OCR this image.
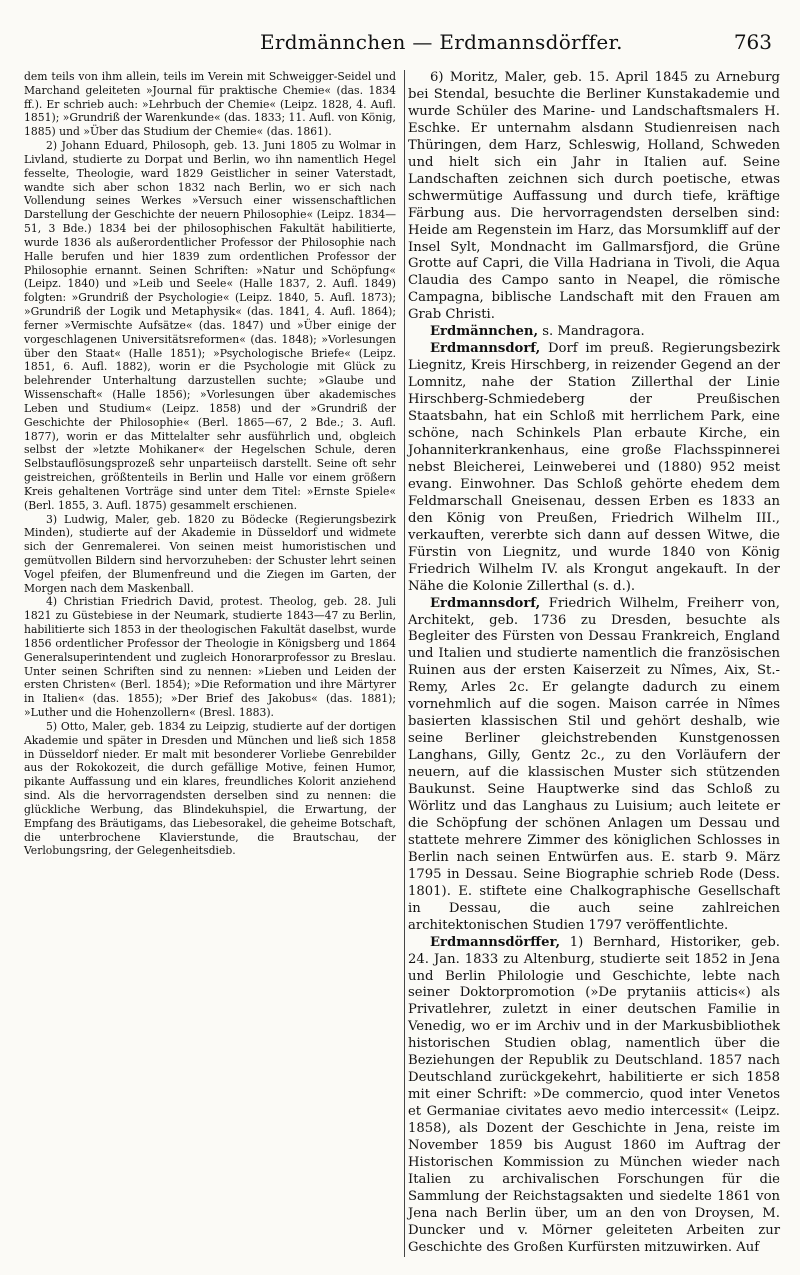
Erdmännchen — Erdmannsdörffer.	763

dem teils von ihm allein, teils im Verein mit Schweigger-Seidel und Marchand geleiteten »Journal für praktische Chemie« (das. 1834 ff.). Er schrieb auch: »Lehrbuch der Chemie« (Leipz. 1828, 4. Aufl. 1851); »Grundriß der Warenkunde« (das. 1833; 11. Aufl. von König, 1885) und »Über das Studium der Chemie« (das. 1861).

2) Johann Eduard, Philosoph, geb. 13. Juni 1805 zu Wolmar in Livland, studierte zu Dorpat und Berlin, wo ihn namentlich Hegel fesselte, Theologie, ward 1829 Geistlicher in seiner Vaterstadt, wandte sich aber schon 1832 nach Berlin, wo er sich nach Vollendung seines Werkes »Versuch einer wissenschaftlichen Darstellung der Geschichte der neuern Philosophie« (Leipz. 1834—51, 3 Bde.) 1834 bei der philosophischen Fakultät habilitierte, wurde 1836 als außerordentlicher Professor der Philosophie nach Halle berufen und hier 1839 zum ordentlichen Professor der Philosophie ernannt. Seinen Schriften: »Natur und Schöpfung« (Leipz. 1840) und »Leib und Seele« (Halle 1837, 2. Aufl. 1849) folgten: »Grundriß der Psychologie« (Leipz. 1840, 5. Aufl. 1873); »Grundriß der Logik und Metaphysik« (das. 1841, 4. Aufl. 1864); ferner »Vermischte Aufsätze« (das. 1847) und »Über einige der vorgeschlagenen Universitätsreformen« (das. 1848); »Vorlesungen über den Staat« (Halle 1851); »Psychologische Briefe« (Leipz. 1851, 6. Aufl. 1882), worin er die Psychologie mit Glück zu belehrender Unterhaltung darzustellen suchte; »Glaube und Wissenschaft« (Halle 1856); »Vorlesungen über akademisches Leben und Studium« (Leipz. 1858) und der »Grundriß der Geschichte der Philosophie« (Berl. 1865—67, 2 Bde.; 3. Aufl. 1877), worin er das Mittelalter sehr ausführlich und, obgleich selbst der »letzte Mohikaner« der Hegelschen Schule, deren Selbstauflösungsprozeß sehr unparteiisch darstellt. Seine oft sehr geistreichen, größtenteils in Berlin und Halle vor einem größern Kreis gehaltenen Vorträge sind unter dem Titel: »Ernste Spiele« (Berl. 1855, 3. Aufl. 1875) gesammelt erschienen.

3) Ludwig, Maler, geb. 1820 zu Bödecke (Regierungsbezirk Minden), studierte auf der Akademie in Düsseldorf und widmete sich der Genremalerei. Von seinen meist humoristischen und gemütvollen Bildern sind hervorzuheben: der Schuster lehrt seinen Vogel pfeifen, der Blumenfreund und die Ziegen im Garten, der Morgen nach dem Maskenball.

4) Christian Friedrich David, protest. Theolog, geb. 28. Juli 1821 zu Güstebiese in der Neumark, studierte 1843—47 zu Berlin, habilitierte sich 1853 in der theologischen Fakultät daselbst, wurde 1856 ordentlicher Professor der Theologie in Königsberg und 1864 Generalsuperintendent und zugleich Honorarprofessor zu Breslau. Unter seinen Schriften sind zu nennen: »Lieben und Leiden der ersten Christen« (Berl. 1854); »Die Reformation und ihre Märtyrer in Italien« (das. 1855); »Der Brief des Jakobus« (das. 1881); »Luther und die Hohenzollern« (Bresl. 1883).

5) Otto, Maler, geb. 1834 zu Leipzig, studierte auf der dortigen Akademie und später in Dresden und München und ließ sich 1858 in Düsseldorf nieder. Er malt mit besonderer Vorliebe Genrebilder aus der Rokokozeit, die durch gefällige Motive, feinen Humor, pikante Auffassung und ein klares, freundliches Kolorit anziehend sind. Als die hervorragendsten derselben sind zu nennen: die glückliche Werbung, das Blindekuhspiel, die Erwartung, der Empfang des Bräutigams, das Liebesorakel, die geheime Botschaft, die unterbrochene Klavierstunde, die Brautschau, der Verlobungsring, der Gelegenheitsdieb.

6) Moritz, Maler, geb. 15. April 1845 zu Arneburg bei Stendal, besuchte die Berliner Kunstakademie und wurde Schüler des Marine- und Landschaftsmalers H. Eschke. Er unternahm alsdann Studienreisen nach Thüringen, dem Harz, Schleswig, Holland, Schweden und hielt sich ein Jahr in Italien auf. Seine Landschaften zeichnen sich durch poetische, etwas schwermütige Auffassung und durch tiefe, kräftige Färbung aus. Die hervorragendsten derselben sind: Heide am Regenstein im Harz, das Morsumkliff auf der Insel Sylt, Mondnacht im Gallmarsfjord, die Grüne Grotte auf Capri, die Villa Hadriana in Tivoli, die Aqua Claudia des Campo santo in Neapel, die römische Campagna, biblische Landschaft mit den Frauen am Grab Christi.

Erdmännchen, s. Mandragora.

Erdmannsdorf, Dorf im preuß. Regierungsbezirk Liegnitz, Kreis Hirschberg, in reizender Gegend an der Lomnitz, nahe der Station Zillerthal der Linie Hirschberg-Schmiedeberg der Preußischen Staatsbahn, hat ein Schloß mit herrlichem Park, eine schöne, nach Schinkels Plan erbaute Kirche, ein Johanniterkrankenhaus, eine große Flachsspinnerei nebst Bleicherei, Leinweberei und (1880) 952 meist evang. Einwohner. Das Schloß gehörte ehedem dem Feldmarschall Gneisenau, dessen Erben es 1833 an den König von Preußen, Friedrich Wilhelm III., verkauften, vererbte sich dann auf dessen Witwe, die Fürstin von Liegnitz, und wurde 1840 von König Friedrich Wilhelm IV. als Krongut angekauft. In der Nähe die Kolonie Zillerthal (s. d.).

Erdmannsdorf, Friedrich Wilhelm, Freiherr von, Architekt, geb. 1736 zu Dresden, besuchte als Begleiter des Fürsten von Dessau Frankreich, England und Italien und studierte namentlich die französischen Ruinen aus der ersten Kaiserzeit zu Nîmes, Aix, St.-Remy, Arles 2c. Er gelangte dadurch zu einem vornehmlich auf die sogen. Maison carrée in Nîmes basierten klassischen Stil und gehört deshalb, wie seine Berliner gleichstrebenden Kunstgenossen Langhans, Gilly, Gentz 2c., zu den Vorläufern der neuern, auf die klassischen Muster sich stützenden Baukunst. Seine Hauptwerke sind das Schloß zu Wörlitz und das Langhaus zu Luisium; auch leitete er die Schöpfung der schönen Anlagen um Dessau und stattete mehrere Zimmer des königlichen Schlosses in Berlin nach seinen Entwürfen aus. E. starb 9. März 1795 in Dessau. Seine Biographie schrieb Rode (Dess. 1801). E. stiftete eine Chalkographische Gesellschaft in Dessau, die auch seine zahlreichen architektonischen Studien 1797 veröffentlichte.

Erdmannsdörffer, 1) Bernhard, Historiker, geb. 24. Jan. 1833 zu Altenburg, studierte seit 1852 in Jena und Berlin Philologie und Geschichte, lebte nach seiner Doktorpromotion (»De prytaniis atticis«) als Privatlehrer, zuletzt in einer deutschen Familie in Venedig, wo er im Archiv und in der Markusbibliothek historischen Studien oblag, namentlich über die Beziehungen der Republik zu Deutschland. 1857 nach Deutschland zurückgekehrt, habilitierte er sich 1858 mit einer Schrift: »De commercio, quod inter Venetos et Germaniae civitates aevo medio intercessit« (Leipz. 1858), als Dozent der Geschichte in Jena, reiste im November 1859 bis August 1860 im Auftrag der Historischen Kommission zu München wieder nach Italien zu archivalischen Forschungen für die Sammlung der Reichstagsakten und siedelte 1861 von Jena nach Berlin über, um an den von Droysen, M. Duncker und v. Mörner geleiteten Arbeiten zur Geschichte des Großen Kurfürsten mitzuwirken. Auf
